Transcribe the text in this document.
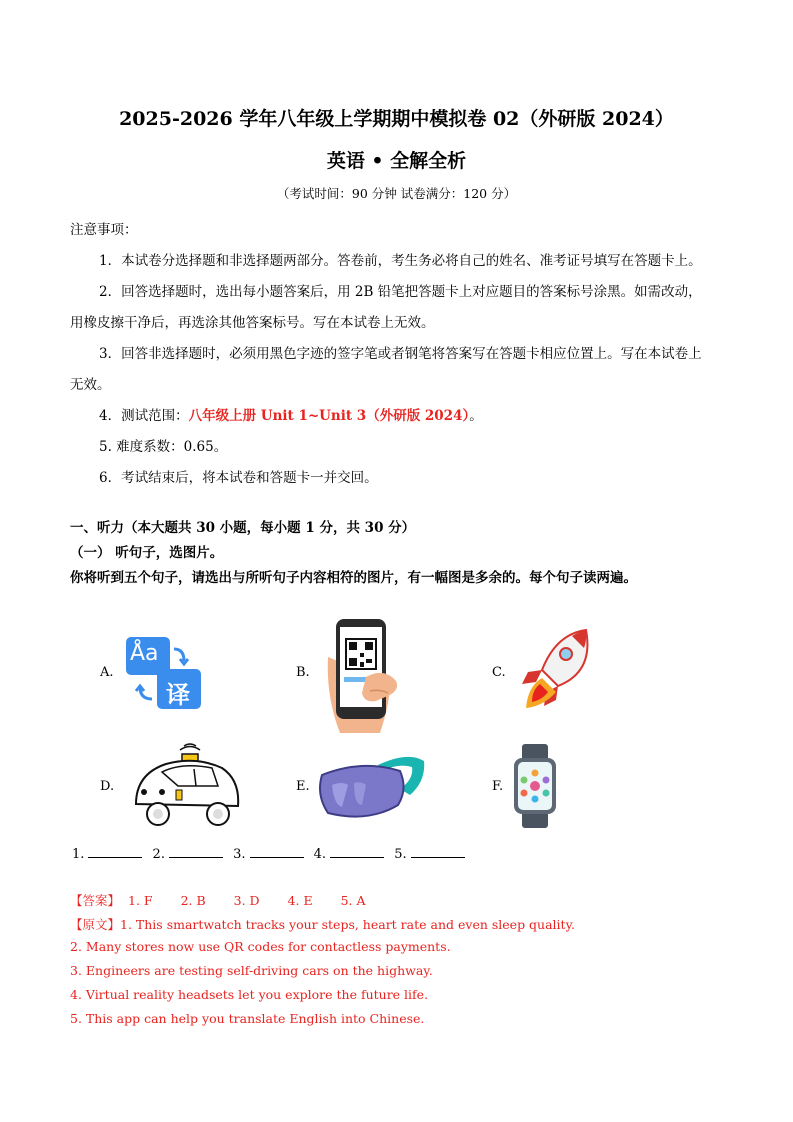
2025-2026 学年八年级上学期期中模拟卷 02（外研版 2024）
英语 • 全解全析
（考试时间：90 分钟 试卷满分：120 分）
注意事项：
1．本试卷分选择题和非选择题两部分。答卷前，考生务必将自己的姓名、准考证号填写在答题卡上。
2．回答选择题时，选出每小题答案后，用 2B 铅笔把答题卡上对应题目的答案标号涂黑。如需改动，
用橡皮擦干净后，再选涂其他答案标号。写在本试卷上无效。
3．回答非选择题时，必须用黑色字迹的签字笔或者钢笔将答案写在答题卡相应位置上。写在本试卷上
无效。
4．测试范围：八年级上册 Unit 1~Unit 3（外研版 2024）。
5. 难度系数：0.65。
6．考试结束后，将本试卷和答题卡一并交回。
一、听力（本大题共 30 小题，每小题 1 分，共 30 分）
（一） 听句子，选图片。
你将听到五个句子，请选出与所听句子内容相符的图片，有一幅图是多余的。每个句子读两遍。
A.	B.	C.
D.	E.	F.
Åa
译
1.	2.	3.	4.	5.
【答案】 1. F 2. B 3. D 4. E 5. A
【原文】1. This smartwatch tracks your steps, heart rate and even sleep quality.
2. Many stores now use QR codes for contactless payments.
3. Engineers are testing self-driving cars on the highway.
4. Virtual reality headsets let you explore the future life.
5. This app can help you translate English into Chinese.
